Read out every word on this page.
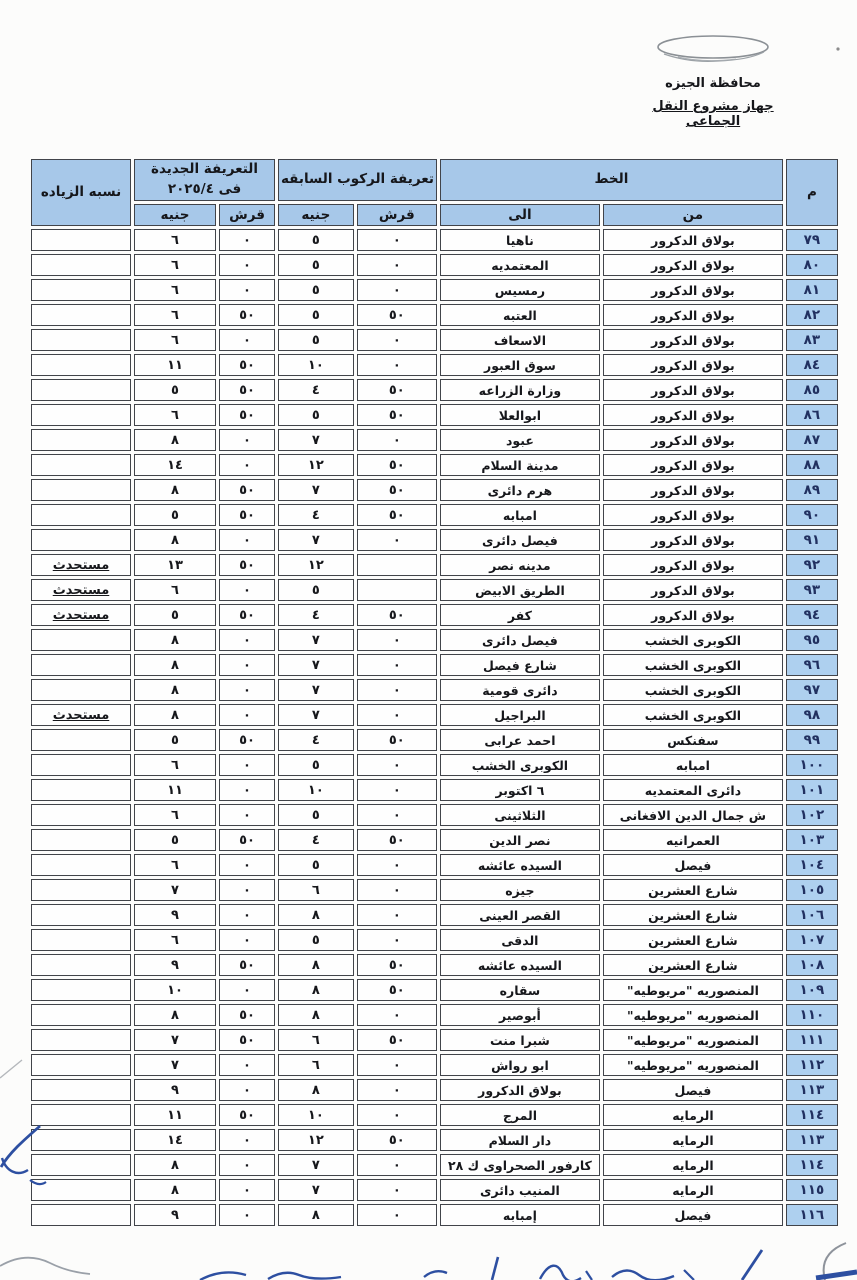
محافظة الجيزه
جهاز مشروع النقل الجماعى
م	الخط		تعريفة الركوب السابقه		التعريفة الجديدة
فى ٢٠٢٥/٤		نسبه الزياده
	من	الى	قرش	جنيه	قرش	جنيه	
٧٩	بولاق الدكرور	ناهيا	٠	٥	٠	٦	
٨٠	بولاق الدكرور	المعتمديه	٠	٥	٠	٦	
٨١	بولاق الدكرور	رمسيس	٠	٥	٠	٦	
٨٢	بولاق الدكرور	العتبه	٥٠	٥	٥٠	٦	
٨٣	بولاق الدكرور	الاسعاف	٠	٥	٠	٦	
٨٤	بولاق الدكرور	سوق العبور	٠	١٠	٥٠	١١	
٨٥	بولاق الدكرور	وزارة الزراعه	٥٠	٤	٥٠	٥	
٨٦	بولاق الدكرور	ابوالعلا	٥٠	٥	٥٠	٦	
٨٧	بولاق الدكرور	عبود	٠	٧	٠	٨	
٨٨	بولاق الدكرور	مدينة السلام	٥٠	١٢	٠	١٤	
٨٩	بولاق الدكرور	هرم دائرى	٥٠	٧	٥٠	٨	
٩٠	بولاق الدكرور	امبابه	٥٠	٤	٥٠	٥	
٩١	بولاق الدكرور	فيصل دائرى	٠	٧	٠	٨	
٩٢	بولاق الدكرور	مدينه نصر		١٢	٥٠	١٣	مستحدث
٩٣	بولاق الدكرور	الطريق الابيض		٥	٠	٦	مستحدث
٩٤	بولاق الدكرور	كفر	٥٠	٤	٥٠	٥	مستحدث
٩٥	الكوبرى الخشب	فيصل دائرى	٠	٧	٠	٨	
٩٦	الكوبرى الخشب	شارع فيصل	٠	٧	٠	٨	
٩٧	الكوبرى الخشب	دائرى قومية	٠	٧	٠	٨	
٩٨	الكوبرى الخشب	البراجيل	٠	٧	٠	٨	مستحدث
٩٩	سفنكس	احمد عرابى	٥٠	٤	٥٠	٥	
١٠٠	امبابه	الكوبرى الخشب	٠	٥	٠	٦	
١٠١	دائرى المعتمديه	٦ اكتوبر	٠	١٠	٠	١١	
١٠٢	ش جمال الدين الافغانى	الثلاثينى	٠	٥	٠	٦	
١٠٣	العمرانيه	نصر الدين	٥٠	٤	٥٠	٥	
١٠٤	فيصل	السيده عائشه	٠	٥	٠	٦	
١٠٥	شارع العشرين	جيزه	٠	٦	٠	٧	
١٠٦	شارع العشرين	القصر العينى	٠	٨	٠	٩	
١٠٧	شارع العشرين	الدقى	٠	٥	٠	٦	
١٠٨	شارع العشرين	السيده عائشه	٥٠	٨	٥٠	٩	
١٠٩	المنصوريه "مريوطيه"	سقاره	٥٠	٨	٠	١٠	
١١٠	المنصوريه "مريوطيه"	أبوصير	٠	٨	٥٠	٨	
١١١	المنصوريه "مريوطيه"	شبرا منت	٥٠	٦	٥٠	٧	
١١٢	المنصوريه "مريوطيه"	ابو رواش	٠	٦	٠	٧	
١١٣	فيصل	بولاق الدكرور	٠	٨	٠	٩	
١١٤	الرمايه	المرج	٠	١٠	٥٠	١١	
١١٣	الرمايه	دار السلام	٥٠	١٢	٠	١٤	
١١٤	الرمايه	كارفور الصحراوى ك ٢٨	٠	٧	٠	٨	
١١٥	الرمايه	المنيب دائرى	٠	٧	٠	٨	
١١٦	فيصل	إمبابه	٠	٨	٠	٩	
